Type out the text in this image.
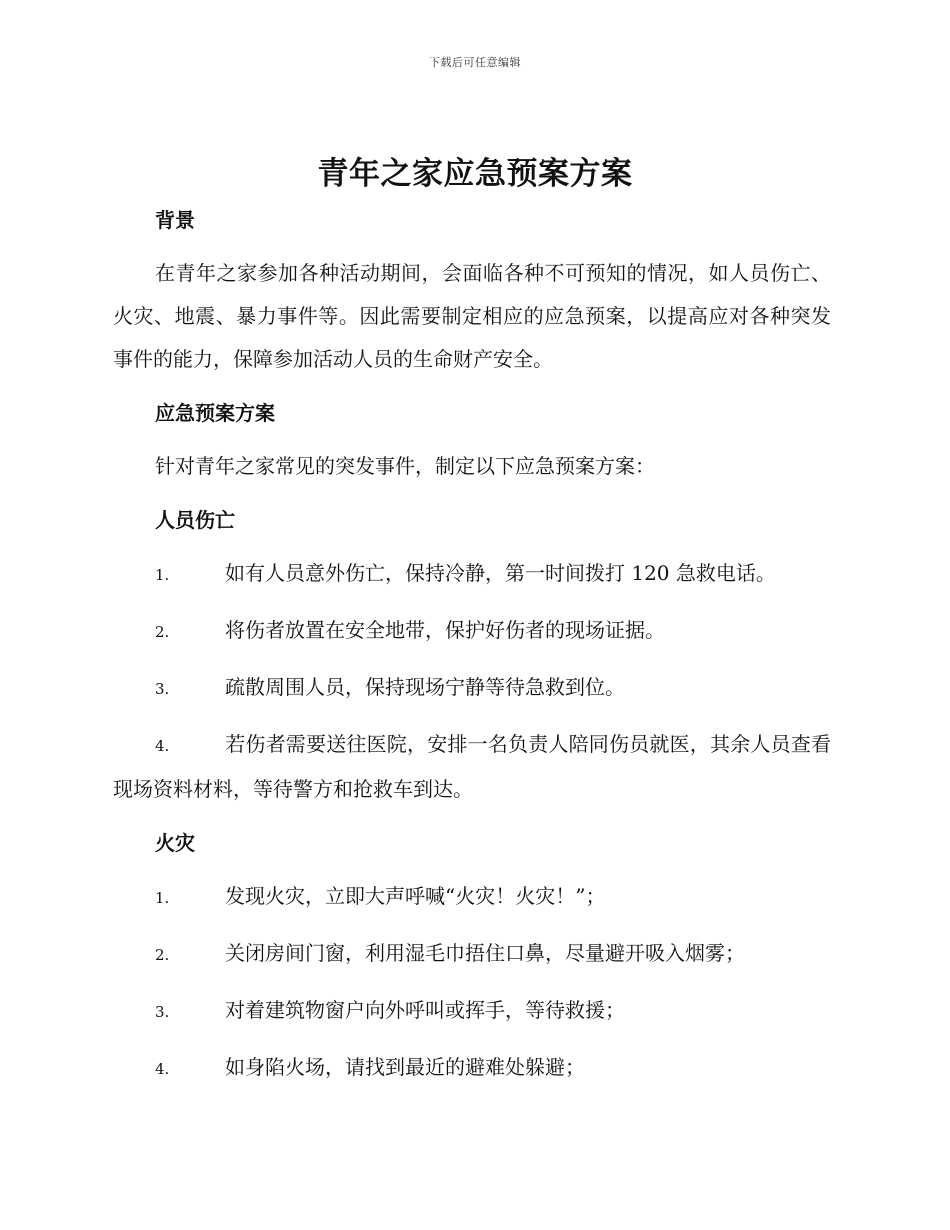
下载后可任意编辑
青年之家应急预案方案

背景

在青年之家参加各种活动期间，会面临各种不可预知的情况，如人员伤亡、火灾、地震、暴力事件等。因此需要制定相应的应急预案，以提高应对各种突发事件的能力，保障参加活动人员的生命财产安全。

应急预案方案

针对青年之家常见的突发事件，制定以下应急预案方案：

人员伤亡

1.	如有人员意外伤亡，保持冷静，第一时间拨打 120 急救电话。

2.	将伤者放置在安全地带，保护好伤者的现场证据。

3.	疏散周围人员，保持现场宁静等待急救到位。

4.	若伤者需要送往医院，安排一名负责人陪同伤员就医，其余人员查看现场资料材料，等待警方和抢救车到达。

火灾

1.	发现火灾，立即大声呼喊“火灾！火灾！”；

2.	关闭房间门窗，利用湿毛巾捂住口鼻，尽量避开吸入烟雾；

3.	对着建筑物窗户向外呼叫或挥手，等待救援；

4.	如身陷火场，请找到最近的避难处躲避；
